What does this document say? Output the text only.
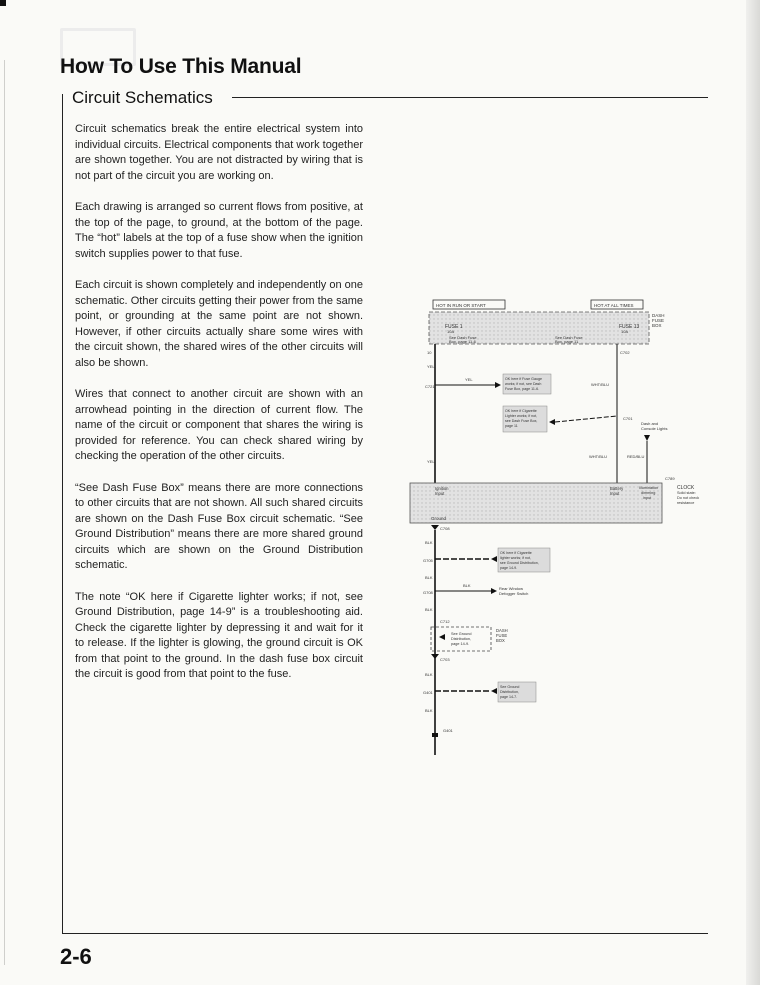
How To Use This Manual
Circuit Schematics

Circuit schematics break the entire electrical system into individual circuits. Electrical components that work together are shown together. You are not distracted by wiring that is not part of the circuit you are working on.

Each drawing is arranged so current flows from positive, at the top of the page, to ground, at the bottom of the page. The “hot” labels at the top of a fuse show when the ignition switch supplies power to that fuse.

Each circuit is shown completely and independently on one schematic. Other circuits getting their power from the same point, or grounding at the same point are not shown. However, if other circuits actually share some wires with the circuit shown, the shared wires of the other circuits will also be shown.

Wires that connect to another circuit are shown with an arrowhead pointing in the direction of current flow. The name of the circuit or component that shares the wiring is provided for reference. You can check shared wiring by checking the operation of the other circuits.

“See Dash Fuse Box” means there are more connections to other circuits that are not shown. All such shared circuits are shown on the Dash Fuse Box circuit schematic. “See Ground Distribution” means there are more shared ground circuits which are shown on the Ground Distribution schematic.

The note “OK here if Cigarette lighter works; if not, see Ground Distribution, page 14-9” is a troubleshooting aid. Check the cigarette lighter by depressing it and wait for it to release. If the lighter is glowing, the ground circuit is OK from that point to the ground. In the dash fuse box circuit the circuit is good from that point to the fuse.

HOT IN RUN OR START	HOT AT ALL TIMES
DASH
FUSE
BOX
FUSE 1
10A
See Dash Fuse
Box, page 11-6
FUSE 13
10A
See Dash Fuse
Box, page 11
C702
10
YEL
C721
YEL	OK here if Fuse Gauge
works; if not, see Dash
Fuse Box, page 11-6.
WHT/BLU
OK here if Cigarette
Lighter works; if not,
see Dash Fuse Box,
page 11
C701
Dash and
Console Lights
YEL
WHT/BLU	RED/BLU
C789
Ignition
Input
Battery
Input
Illumination
dimming
input
Ground
CLOCK
Solid state:
Do not check
resistance
C708
BLK
G705
OK here if Cigarette
lighter works; if not,
see Ground Distribution,
page 14-9.
BLK
G708
BLK
Rear Window
Defogger Switch
BLK
C712
See Ground
Distribution,
page 14-9.
DASH
FUSE
BOX
C703
BLK
G401
See Ground
Distribution,
page 14-7.
BLK
G401
2-6
